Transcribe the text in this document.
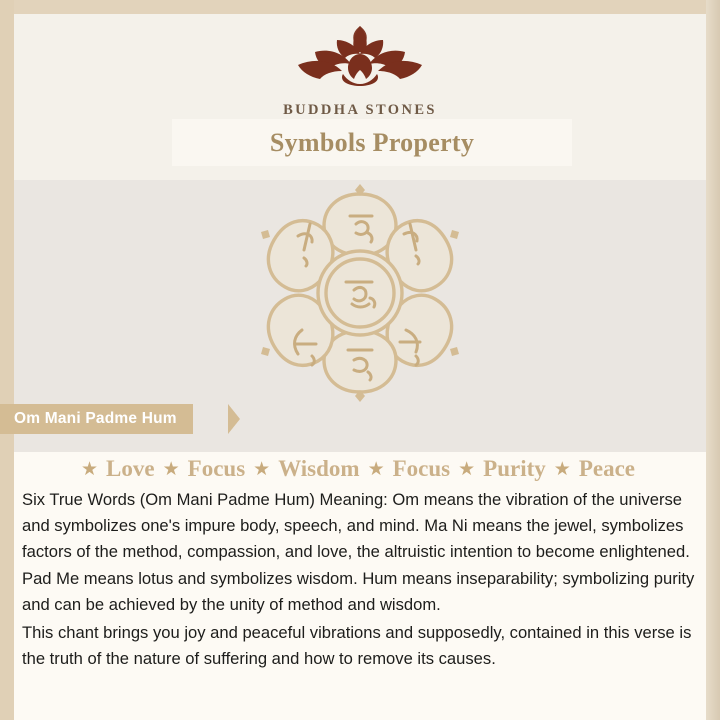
BUDDHA STONES
Symbols Property
Om Mani Padme Hum
★ Love ★ Focus ★ Wisdom ★ Focus ★ Purity ★ Peace

Six True Words (Om Mani Padme Hum) Meaning: Om means the vibration of the universe and symbolizes one's impure body, speech, and mind. Ma Ni means the jewel, symbolizes factors of the method, compassion, and love, the altruistic intention to become enlightened. Pad Me means lotus and symbolizes wisdom. Hum means inseparability; symbolizing purity and can be achieved by the unity of method and wisdom.

This chant brings you joy and peaceful vibrations and supposedly, contained in this verse is the truth of the nature of suffering and how to remove its causes.
